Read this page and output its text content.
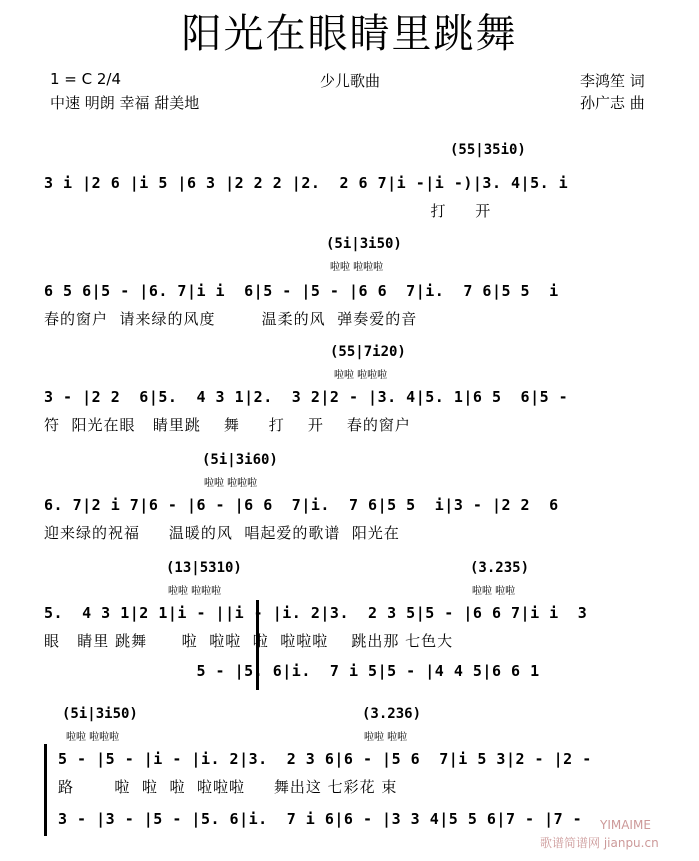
阳光在眼睛里跳舞
1 = C 2/4	少儿歌曲
中速 明朗 幸福 甜美地
李鸿笙 词
孙广志 曲
(55|35i0)
3 i |2 6 |i 5 |6 3 |2 2 2 |2.  2 6 7|i -|i -)|3. 4|5. i
打     开
(5i|3i50)
啦啦 啦啦啦
6 5 6|5 - |6. 7|i i  6|5 - |5 - |6 6  7|i.  7 6|5 5  i
春的窗户  请来绿的风度        温柔的风  弹奏爱的音
(55|7i20)
啦啦 啦啦啦
3 - |2 2  6|5.  4 3 1|2.  3 2|2 - |3. 4|5. 1|6 5  6|5 -
符  阳光在眼   睛里跳    舞     打    开    春的窗户
(5i|3i60)
啦啦 啦啦啦
6. 7|2 i 7|6 - |6 - |6 6  7|i.  7 6|5 5  i|3 - |2 2  6
迎来绿的祝福     温暖的风  唱起爱的歌谱  阳光在
(13|5310)
啦啦 啦啦啦
(3.235)
啦啦 啦啦
5.  4 3 1|2 1|i - ||i - |i. 2|3.  2 3 5|5 - |6 6 7|i i  3
眼   睛里 跳舞      啦  啦啦  啦  啦啦啦    跳出那 七色大
5 - |5. 6|i.  7 i 5|5 - |4 4 5|6 6 1
(5i|3i50)
啦啦 啦啦啦
(3.236)
啦啦 啦啦
5 - |5 - |i - |i. 2|3.  2 3 6|6 - |5 6  7|i 5 3|2 - |2 -
路       啦  啦  啦  啦啦啦     舞出这 七彩花 束
3 - |3 - |5 - |5. 6|i.  7 i 6|6 - |3 3 4|5 5 6|7 - |7 -
歌谱简谱网 jianpu.cn
YIMAIME
